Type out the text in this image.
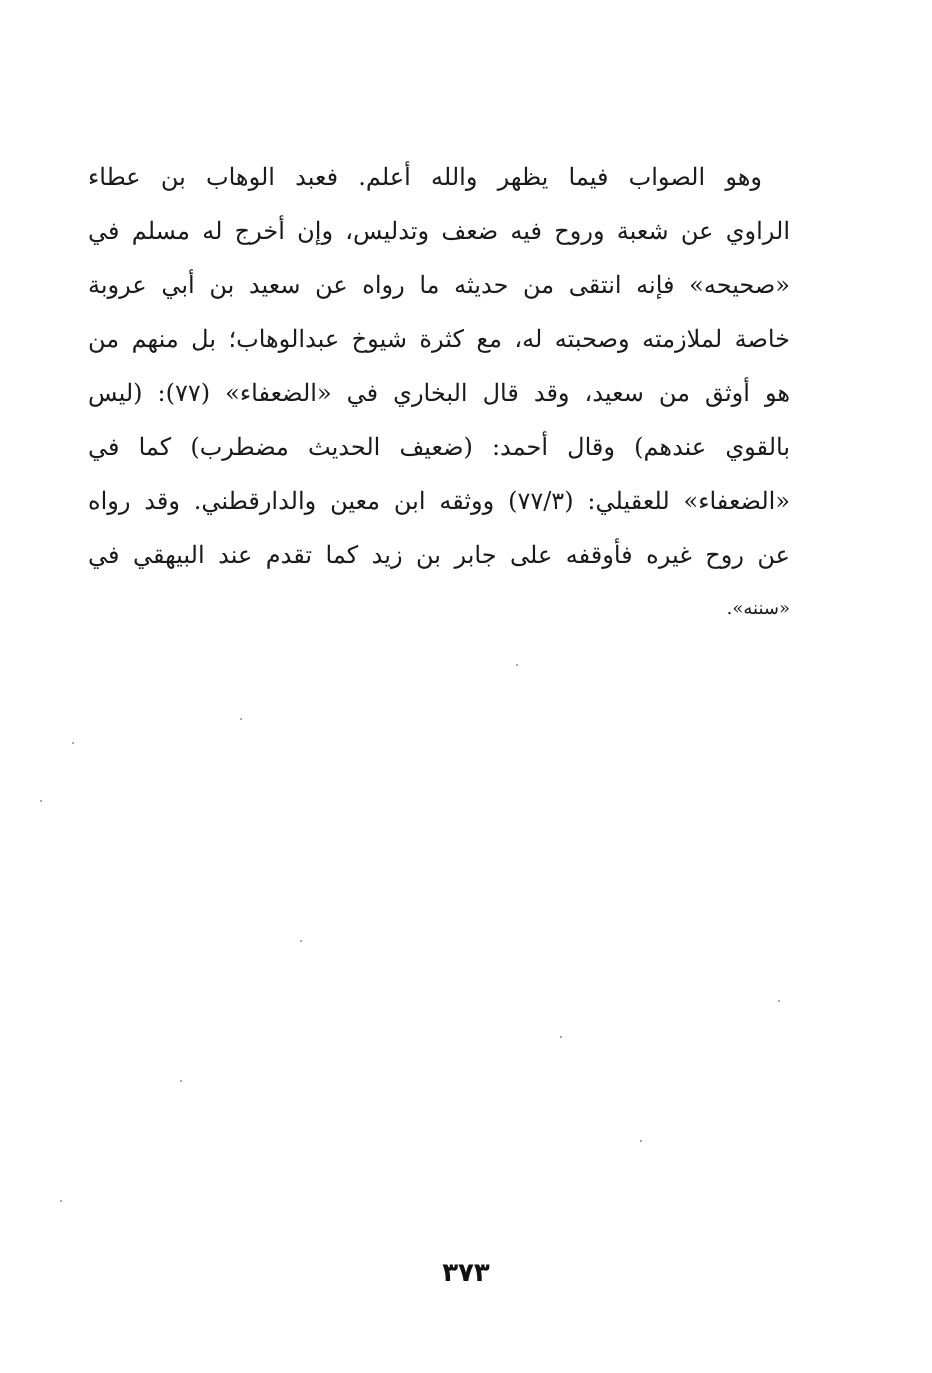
وهو الصواب فيما يظهر والله أعلم. فعبد الوهاب بن عطاء
الراوي عن شعبة وروح فيه ضعف وتدليس، وإن أخرج له مسلم في
«صحيحه» فإنه انتقى من حديثه ما رواه عن سعيد بن أبي عروبة
خاصة لملازمته وصحبته له، مع كثرة شيوخ عبدالوهاب؛ بل منهم من
هو أوثق من سعيد، وقد قال البخاري في «الضعفاء» (٧٧): (ليس
بالقوي عندهم) وقال أحمد: (ضعيف الحديث مضطرب) كما في
«الضعفاء» للعقيلي: (٧٧/٣) ووثقه ابن معين والدارقطني. وقد رواه
عن روح غيره فأوقفه على جابر بن زيد كما تقدم عند البيهقي في
«سننه».
٣٧٣
